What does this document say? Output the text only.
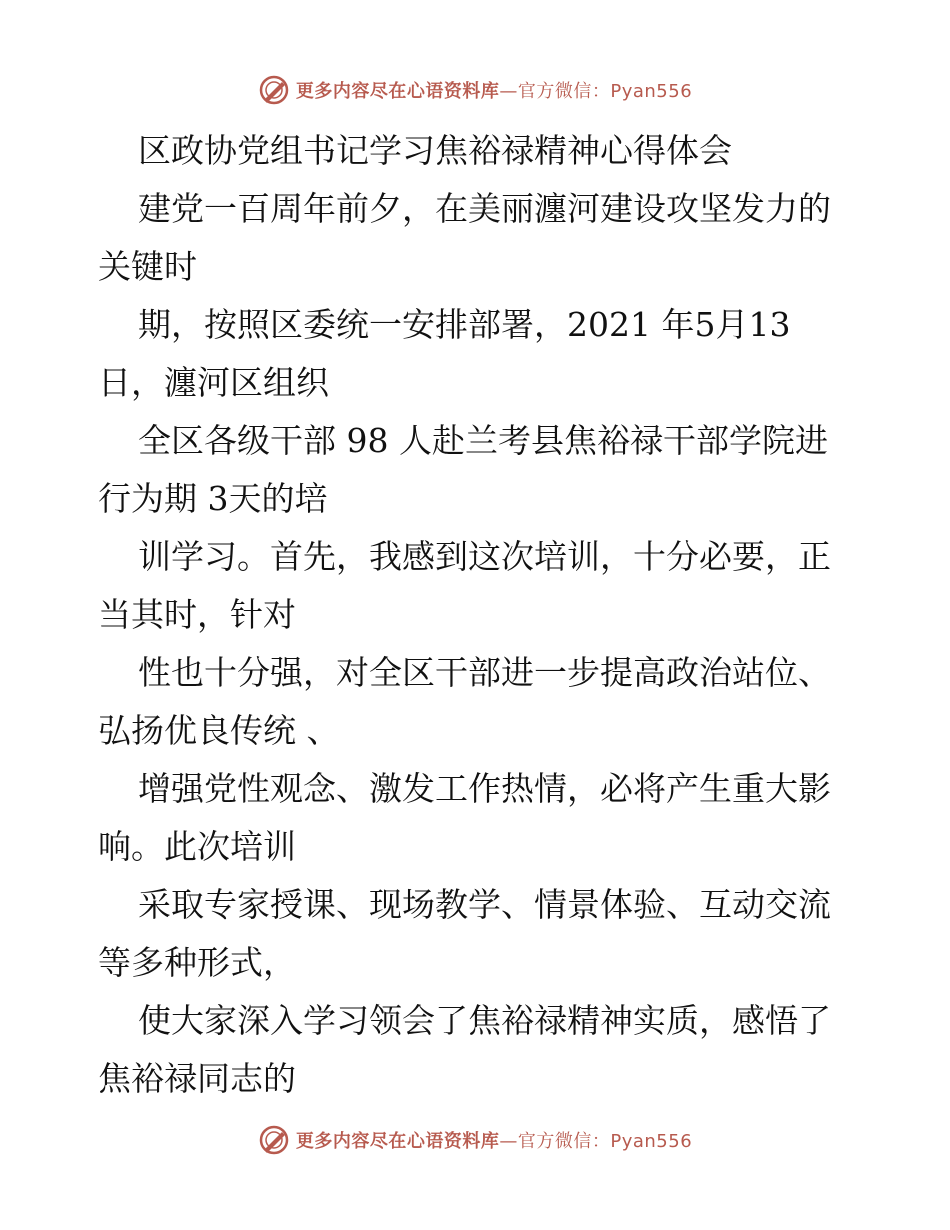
更多内容尽在心语资料库—官方微信：Pyan556
区政协党组书记学习焦裕禄精神心得体会
建党一百周年前夕，在美丽瀍河建设攻坚发力的
关键时
期，按照区委统一安排部署，2021 年5月13
日，瀍河区组织
全区各级干部 98 人赴兰考县焦裕禄干部学院进
行为期 3天的培
训学习。首先，我感到这次培训，十分必要，正
当其时，针对
性也十分强，对全区干部进一步提高政治站位、
弘扬优良传统 、
增强党性观念、激发工作热情，必将产生重大影
响。此次培训
采取专家授课、现场教学、情景体验、互动交流
等多种形式，
使大家深入学习领会了焦裕禄精神实质，感悟了
焦裕禄同志的
更多内容尽在心语资料库—官方微信：Pyan556
